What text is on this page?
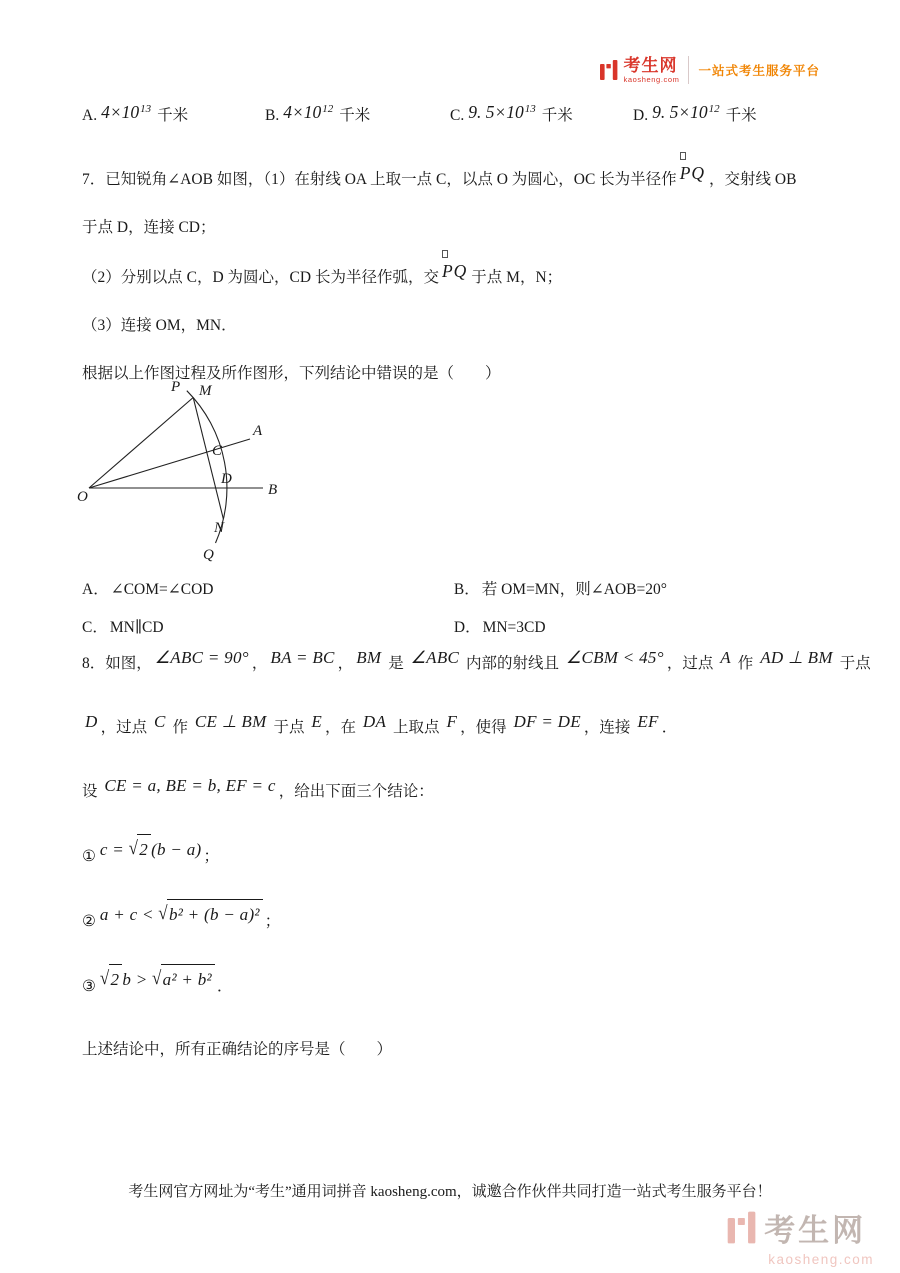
考生网
kaosheng.com
一站式考生服务平台
A. $4\times 10^{13}$ 千米	B. $4\times 10^{12}$ 千米	C. 9. $5\times 10^{13}$ 千米	D. 9. $5\times 10^{12}$ 千米

7．已知锐角∠AOB 如图，（1）在射线 OA 上取一点 C，以点 O 为圆心，OC 长为半径作 PQ ，交射线 OB

于点 D，连接 CD；

（2）分别以点 C，D 为圆心，CD 长为半径作弧，交 PQ 于点 M，N；

（3）连接 OM，MN．

根据以上作图过程及所作图形，下列结论中错误的是（　　）

P M
A
C
O
D
B
N
Q
A． ∠COM=∠COD	B． 若 OM=MN，则∠AOB=20°
C． MN∥CD	D． MN=3CD

8．如图， ∠ABC = 90° ， BA = BC ， BM 是 ∠ABC 内部的射线且 ∠CBM < 45° ，过点 A 作 AD ⊥ BM 于点

D ，过点 C 作 CE ⊥ BM 于点 E ，在 DA 上取点 F ，使得 DF = DE ，连接 EF ．

设 CE = a, BE = b, EF = c ，给出下面三个结论：

① c = √2 (b − a) ；

② a + c < √b² + (b − a)² ；

③ √2 b > √a² + b² ．

上述结论中，所有正确结论的序号是（　　）

考生网官方网址为“考生”通用词拼音 kaosheng.com，诚邀合作伙伴共同打造一站式考生服务平台！
考生网
kaosheng.com
